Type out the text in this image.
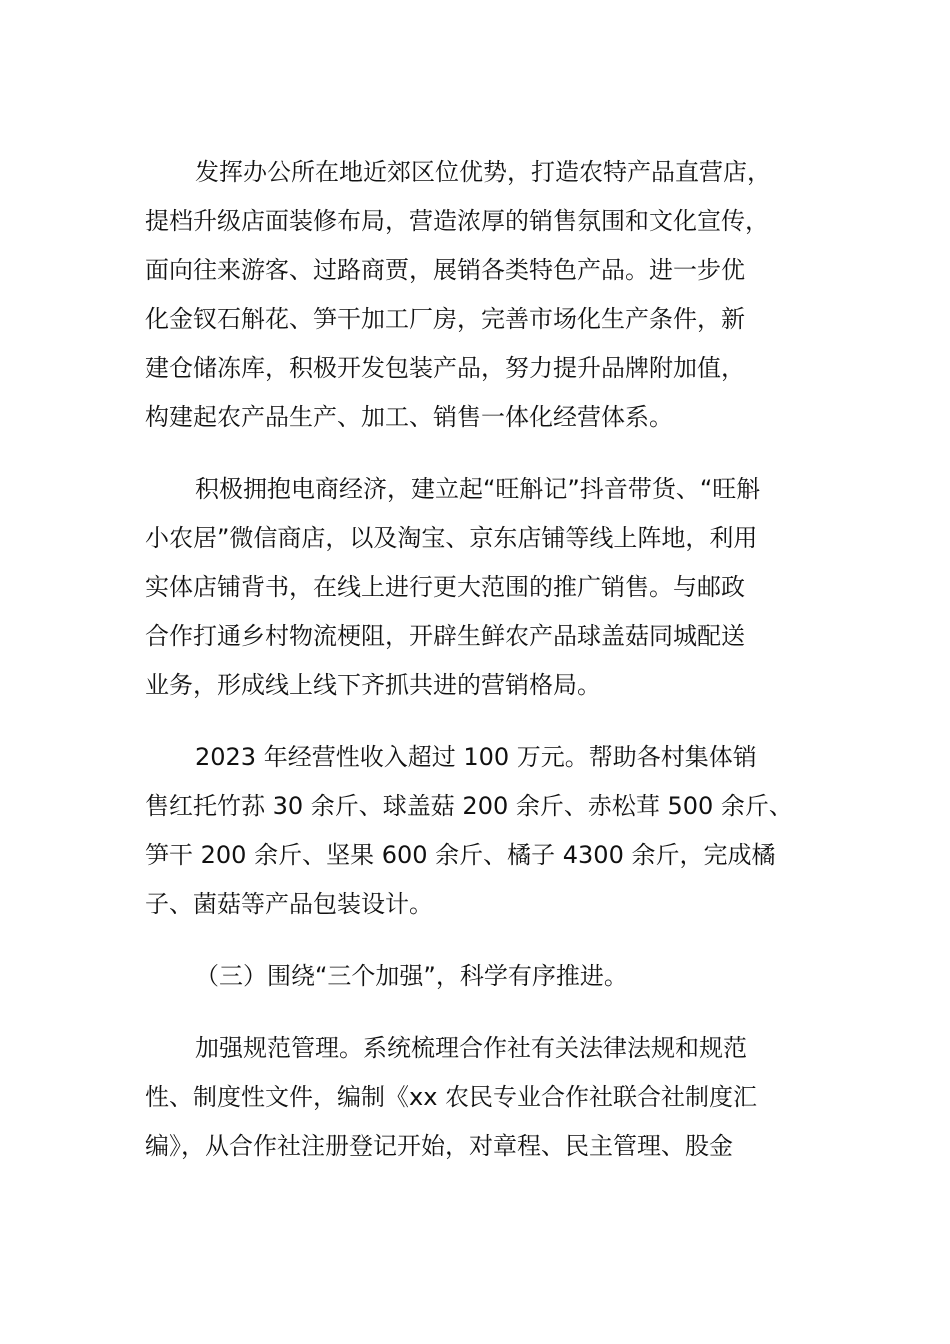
发挥办公所在地近郊区位优势，打造农特产品直营店，
提档升级店面装修布局，营造浓厚的销售氛围和文化宣传，
面向往来游客、过路商贾，展销各类特色产品。进一步优
化金钗石斛花、笋干加工厂房，完善市场化生产条件，新
建仓储冻库，积极开发包装产品，努力提升品牌附加值，
构建起农产品生产、加工、销售一体化经营体系。
积极拥抱电商经济，建立起“旺斛记”抖音带货、“旺斛
小农居”微信商店，以及淘宝、京东店铺等线上阵地，利用
实体店铺背书，在线上进行更大范围的推广销售。与邮政
合作打通乡村物流梗阻，开辟生鲜农产品球盖菇同城配送
业务，形成线上线下齐抓共进的营销格局。
2023 年经营性收入超过 100 万元。帮助各村集体销
售红托竹荪 30 余斤、球盖菇 200 余斤、赤松茸 500 余斤、
笋干 200 余斤、坚果 600 余斤、橘子 4300 余斤，完成橘
子、菌菇等产品包装设计。
（三）围绕“三个加强”，科学有序推进。
加强规范管理。系统梳理合作社有关法律法规和规范
性、制度性文件，编制《xx 农民专业合作社联合社制度汇
编》，从合作社注册登记开始，对章程、民主管理、股金
